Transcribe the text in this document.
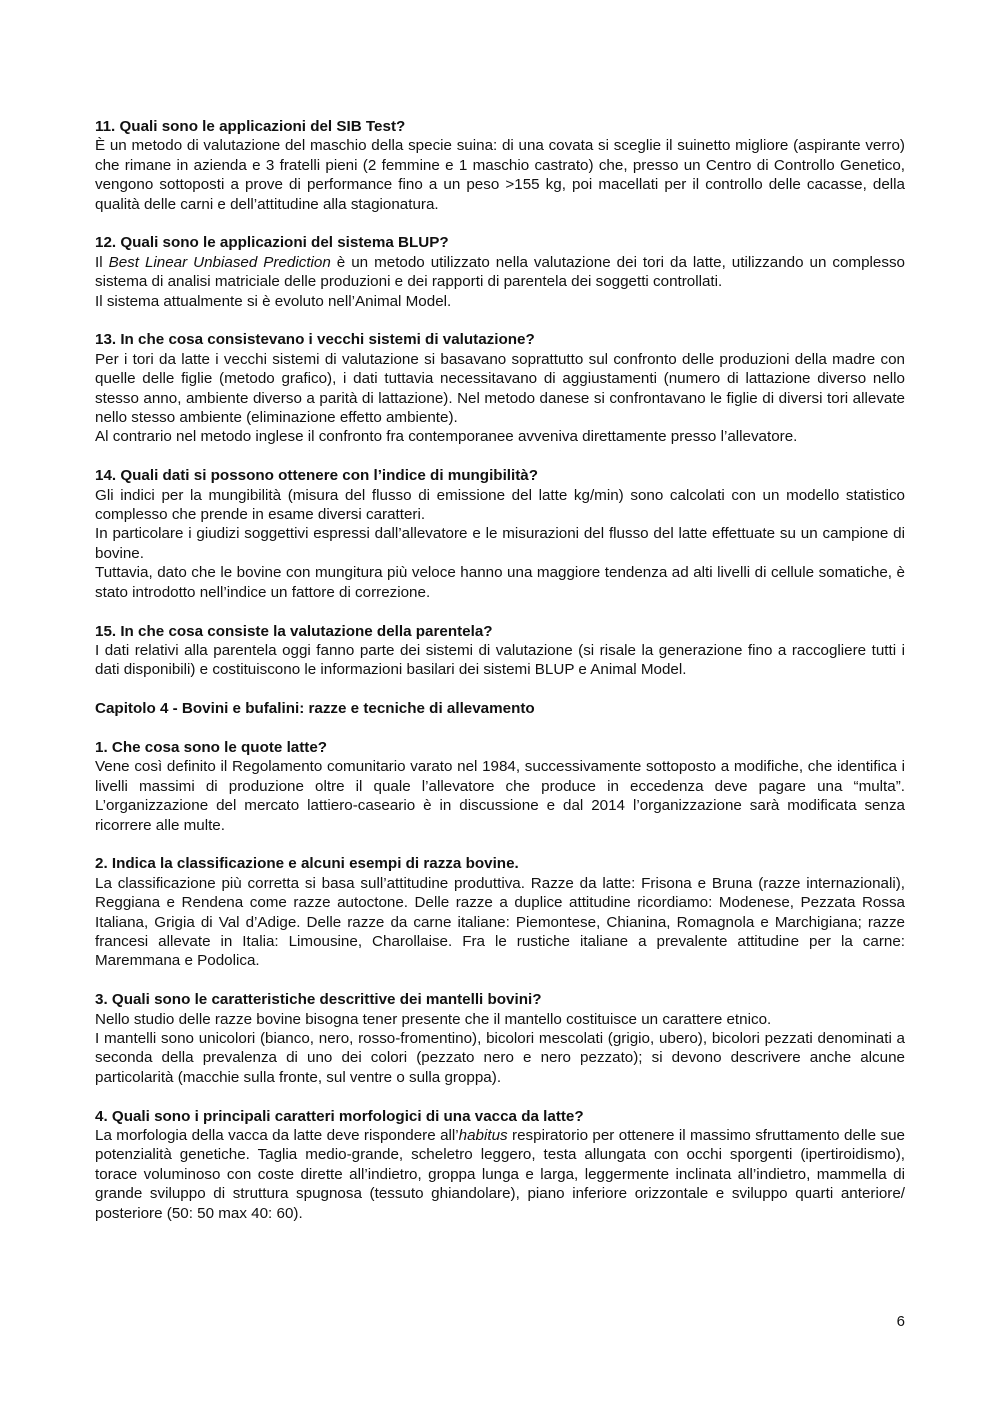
11. Quali sono le applicazioni del SIB Test?

È un metodo di valutazione del maschio della specie suina: di una covata si sceglie il suinetto migliore (aspirante verro) che rimane in azienda e 3 fratelli pieni (2 femmine e 1 maschio castrato) che, presso un Centro di Controllo Genetico, vengono sottoposti a prove di performance fino a un peso >155 kg, poi macellati per il controllo delle cacasse, della qualità delle carni e dell’attitudine alla stagionatura.

12. Quali sono le applicazioni del sistema BLUP?

Il Best Linear Unbiased Prediction è un metodo utilizzato nella valutazione dei tori da latte, utilizzando un complesso sistema di analisi matriciale delle produzioni e dei rapporti di parentela dei soggetti controllati.

Il sistema attualmente si è evoluto nell’Animal Model.

13. In che cosa consistevano i vecchi sistemi di valutazione?

Per i tori da latte i vecchi sistemi di valutazione si basavano soprattutto sul confronto delle produzioni della madre con quelle delle figlie (metodo grafico), i dati tuttavia necessitavano di aggiustamenti (numero di lattazione diverso nello stesso anno, ambiente diverso a parità di lattazione). Nel metodo danese si confrontavano le figlie di diversi tori allevate nello stesso ambiente (eliminazione effetto ambiente).

Al contrario nel metodo inglese il confronto fra contemporanee avveniva direttamente presso l’allevatore.

14. Quali dati si possono ottenere con l’indice di mungibilità?

Gli indici per la mungibilità (misura del flusso di emissione del latte kg/min) sono calcolati con un modello statistico complesso che prende in esame diversi caratteri.

In particolare i giudizi soggettivi espressi dall’allevatore e le misurazioni del flusso del latte effettuate su un campione di bovine.

Tuttavia, dato che le bovine con mungitura più veloce hanno una maggiore tendenza ad alti livelli di cellule somatiche, è stato introdotto nell’indice un fattore di correzione.

15. In che cosa consiste la valutazione della parentela?

I dati relativi alla parentela oggi fanno parte dei sistemi di valutazione (si risale la generazione fino a raccogliere tutti i dati disponibili) e costituiscono le informazioni basilari dei sistemi BLUP e Animal Model.

Capitolo 4 - Bovini e bufalini: razze e tecniche di allevamento

1. Che cosa sono le quote latte?

Vene così definito il Regolamento comunitario varato nel 1984, successivamente sottoposto a modifiche, che identifica i livelli massimi di produzione oltre il quale l’allevatore che produce in eccedenza deve pagare una “multa”. L’organizzazione del mercato lattiero-caseario è in discussione e dal 2014 l’organizzazione sarà modificata senza ricorrere alle multe.

2. Indica la classificazione e alcuni esempi di razza bovine.

La classificazione più corretta si basa sull’attitudine produttiva. Razze da latte: Frisona e Bruna (razze internazionali), Reggiana e Rendena come razze autoctone. Delle razze a duplice attitudine ricordiamo: Modenese, Pezzata Rossa Italiana, Grigia di Val d’Adige. Delle razze da carne italiane: Piemontese, Chianina, Romagnola e Marchigiana; razze francesi allevate in Italia: Limousine, Charollaise. Fra le rustiche italiane a prevalente attitudine per la carne: Maremmana e Podolica.

3. Quali sono le caratteristiche descrittive dei mantelli bovini?

Nello studio delle razze bovine bisogna tener presente che il mantello costituisce un carattere etnico.

I mantelli sono unicolori (bianco, nero, rosso-fromentino), bicolori mescolati (grigio, ubero), bicolori pezzati denominati a seconda della prevalenza di uno dei colori (pezzato nero e nero pezzato); si devono descrivere anche alcune particolarità (macchie sulla fronte, sul ventre o sulla groppa).

4. Quali sono i principali caratteri morfologici di una vacca da latte?

La morfologia della vacca da latte deve rispondere all’habitus respiratorio per ottenere il massimo sfruttamento delle sue potenzialità genetiche. Taglia medio-grande, scheletro leggero, testa allungata con occhi sporgenti (ipertiroidismo), torace voluminoso con coste dirette all’indietro, groppa lunga e larga, leggermente inclinata all’indietro, mammella di grande sviluppo di struttura spugnosa (tessuto ghiandolare), piano inferiore orizzontale e sviluppo quarti anteriore/ posteriore (50: 50 max 40: 60).

6
